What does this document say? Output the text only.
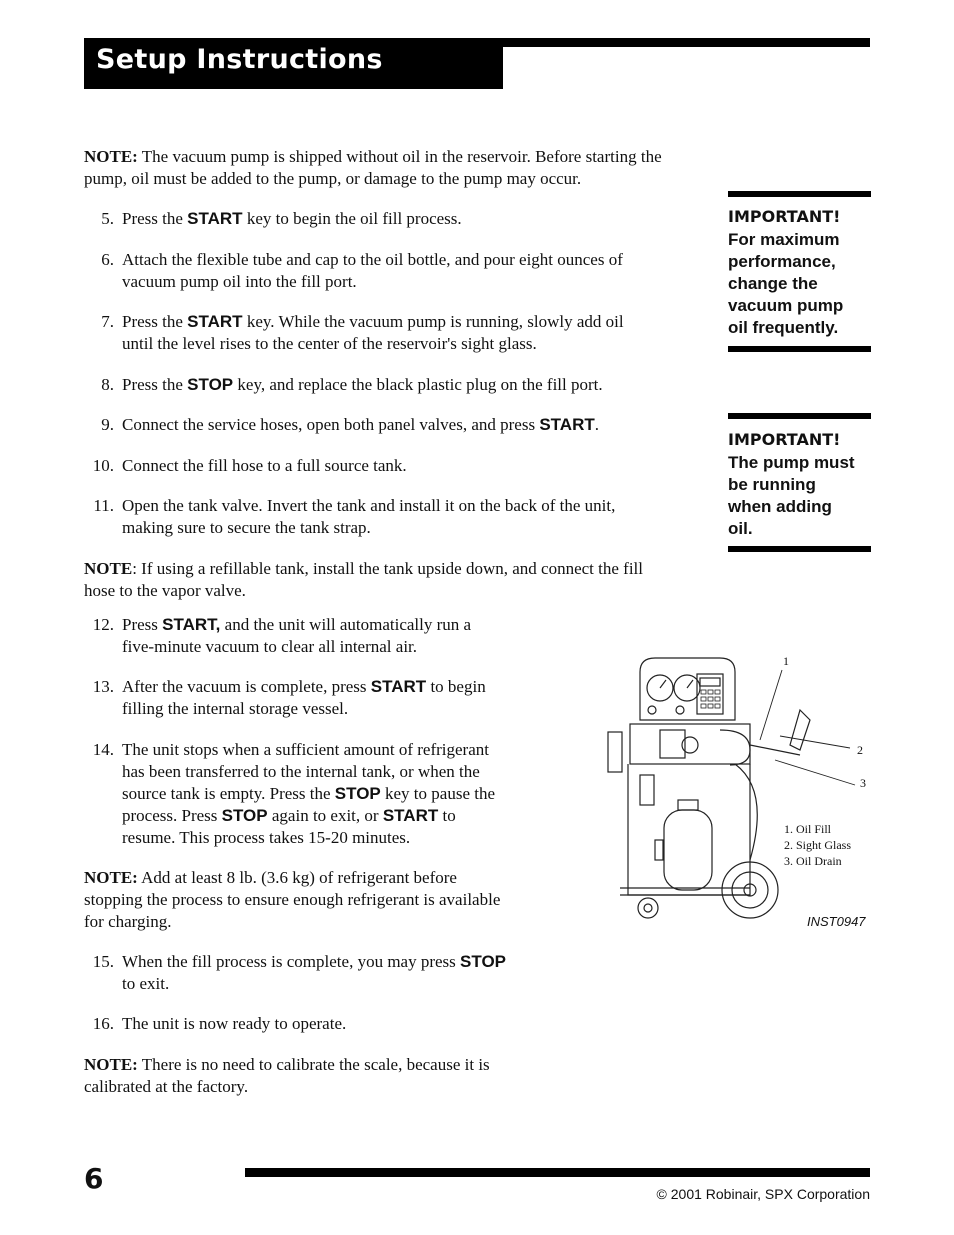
Setup Instructions
NOTE: The vacuum pump is shipped without oil in the reservoir. Before starting the pump, oil must be added to the pump, or damage to the pump may occur.
5. Press the START key to begin the oil fill process.
6. Attach the flexible tube and cap to the oil bottle, and pour eight ounces of
vacuum pump oil into the fill port.
7. Press the START key. While the vacuum pump is running, slowly add oil
until the level rises to the center of the reservoir's sight glass.
8. Press the STOP key, and replace the black plastic plug on the fill port.
9. Connect the service hoses, open both panel valves, and press START.
10. Connect the fill hose to a full source tank.
11. Open the tank valve. Invert the tank and install it on the back of the unit,
making sure to secure the tank strap.
NOTE: If using a refillable tank, install the tank upside down, and connect the fill
hose to the vapor valve.
12. Press START, and the unit will automatically run a
five-minute vacuum to clear all internal air.
13. After the vacuum is complete, press START to begin
filling the internal storage vessel.
14. The unit stops when a sufficient amount of refrigerant
has been transferred to the internal tank, or when the
source tank is empty. Press the STOP key to pause the
process. Press STOP again to exit, or START to
resume. This process takes 15-20 minutes.
NOTE: Add at least 8 lb. (3.6 kg) of refrigerant before
stopping the process to ensure enough refrigerant is available
for charging.
15. When the fill process is complete, you may press STOP
to exit.
16. The unit is now ready to operate.
NOTE: There is no need to calibrate the scale, because it is
calibrated at the factory.
IMPORTANT!
For maximum
performance,
change the
vacuum pump
oil frequently.
IMPORTANT!
The pump must
be running
when adding
oil.
1
2
3
1. Oil Fill
2. Sight Glass
3. Oil Drain
INST0947
6	© 2001 Robinair, SPX Corporation
